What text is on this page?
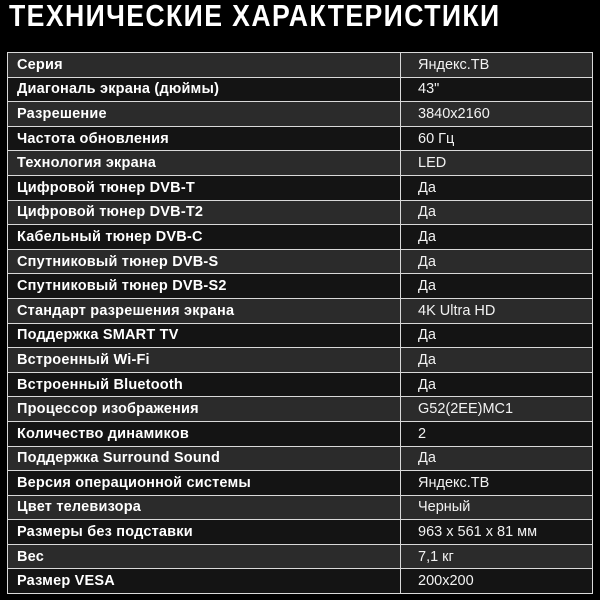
ТЕХНИЧЕСКИЕ ХАРАКТЕРИСТИКИ
Серия	Яндекс.ТВ
Диагональ экрана (дюймы)	43"
Разрешение	3840x2160
Частота обновления	60 Гц
Технология экрана	LED
Цифровой тюнер DVB-T	Да
Цифровой тюнер DVB-T2	Да
Кабельный тюнер DVB-C	Да
Спутниковый тюнер DVB-S	Да
Спутниковый тюнер DVB-S2	Да
Стандарт разрешения экрана	4K Ultra HD
Поддержка SMART TV	Да
Встроенный Wi-Fi	Да
Встроенный Bluetooth	Да
Процессор изображения	G52(2EE)MC1
Количество динамиков	2
Поддержка Surround Sound	Да
Версия операционной системы	Яндекс.ТВ
Цвет телевизора	Черный
Размеры без подставки	963 x 561 x 81 мм
Вес	7,1 кг
Размер VESA	200x200
